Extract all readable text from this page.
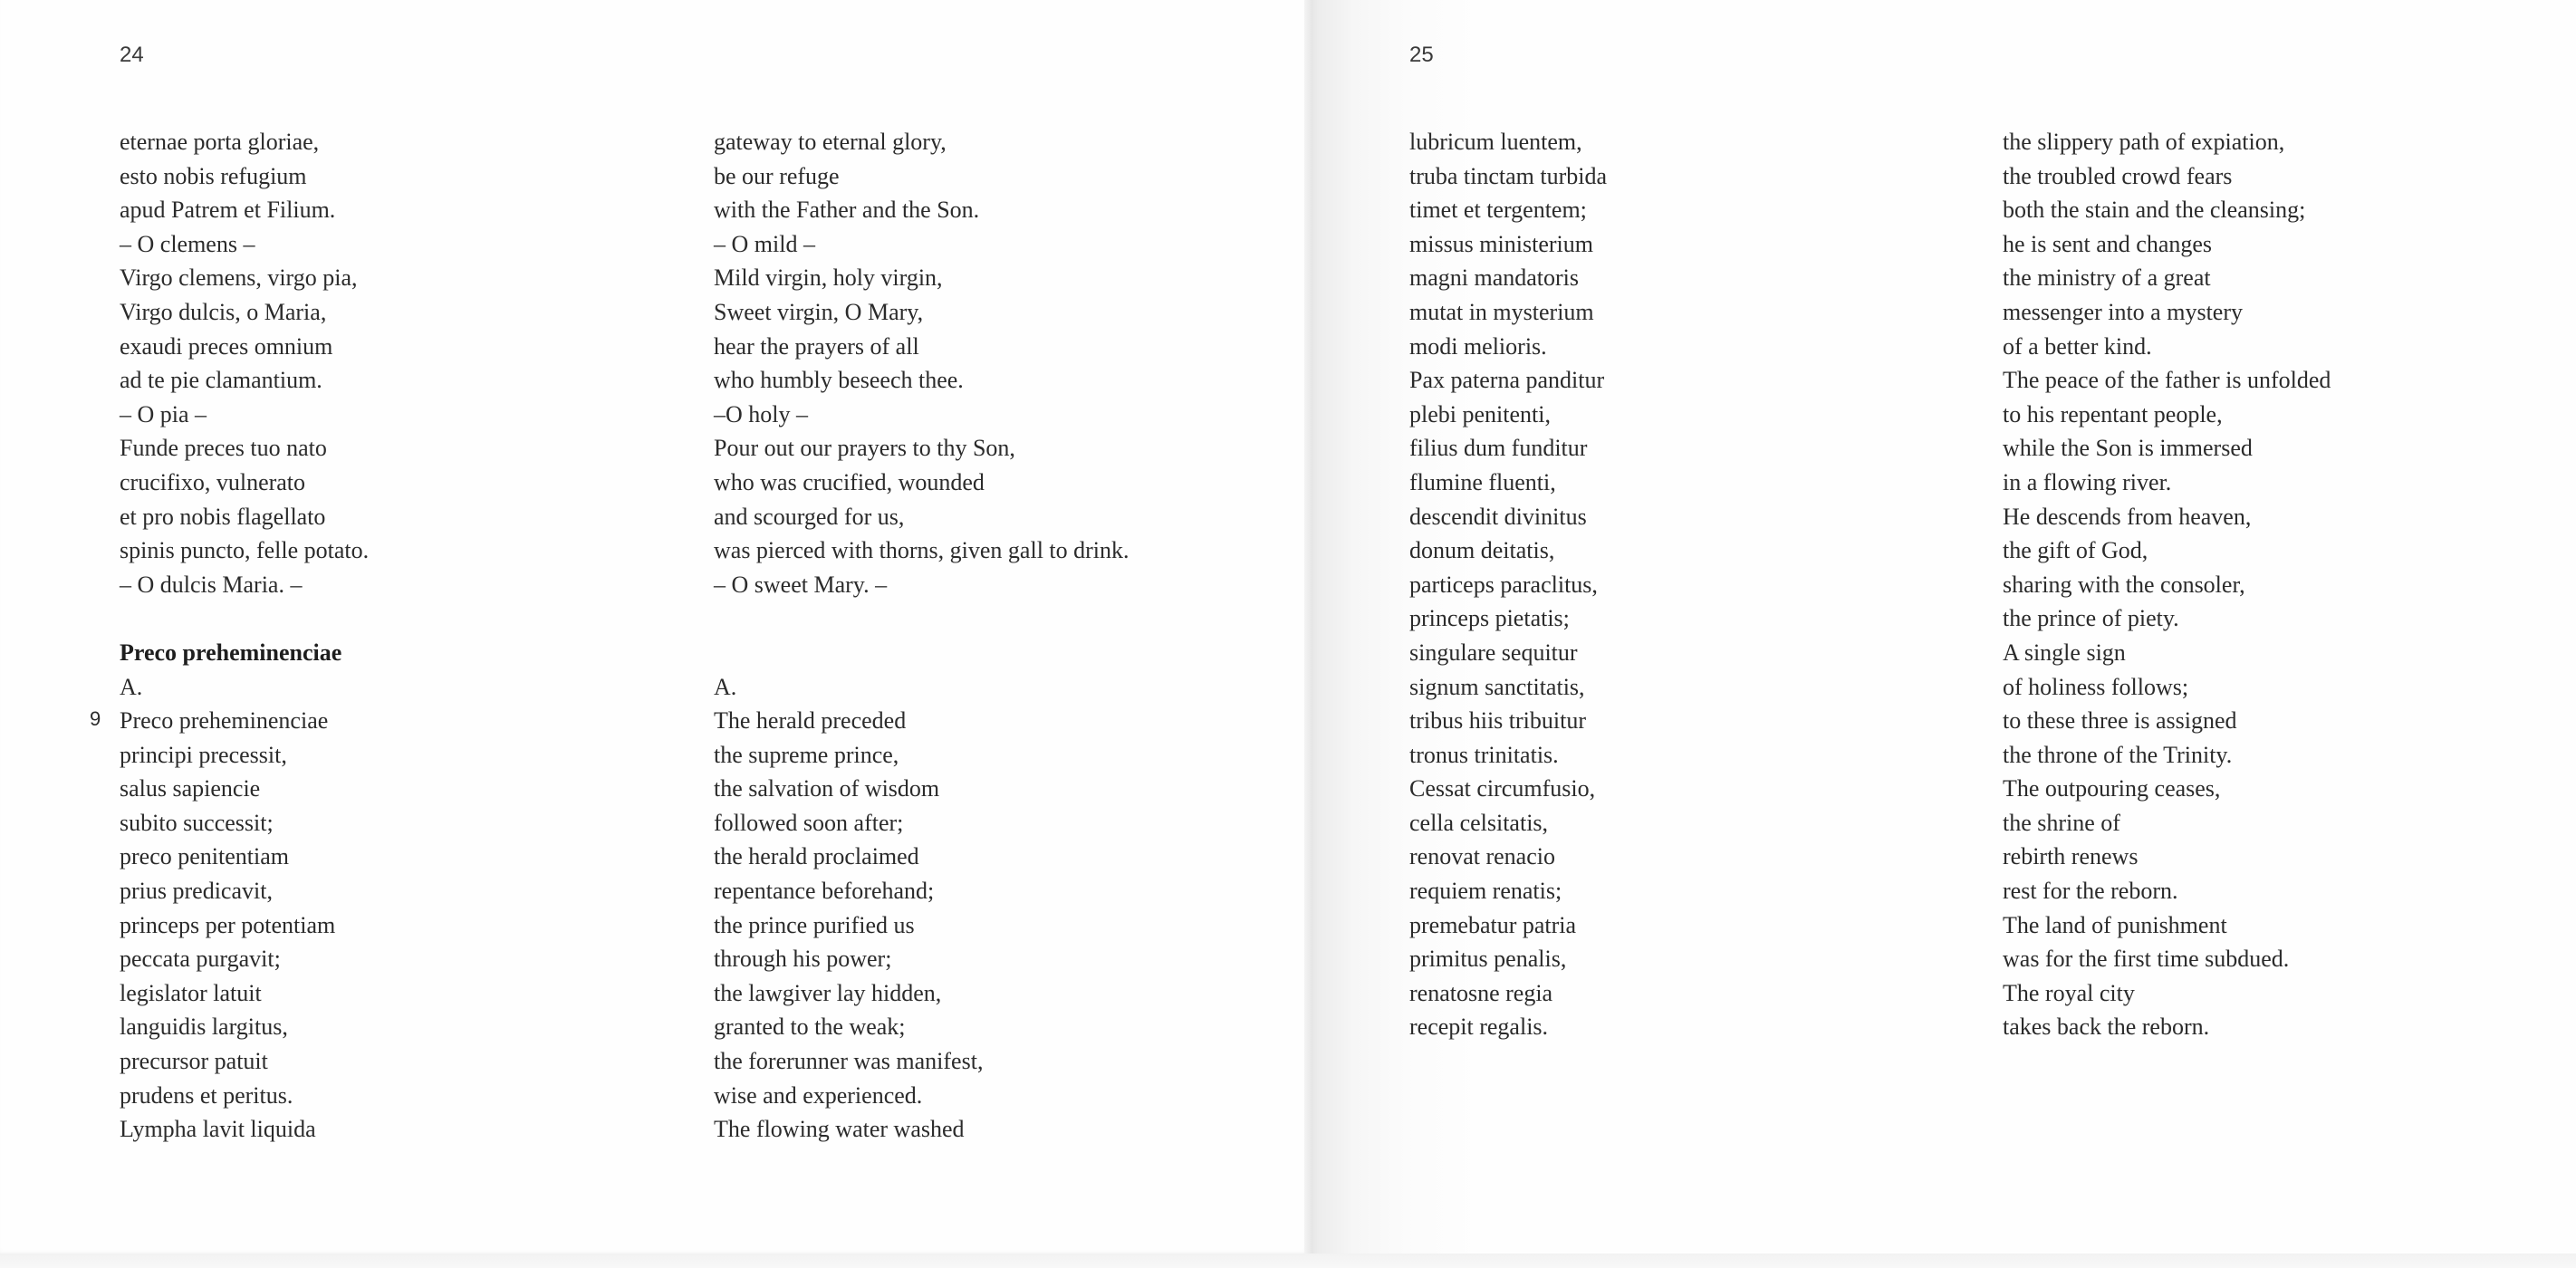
24
eternae porta gloriae,
esto nobis refugium
apud Patrem et Filium.
– O clemens –
Virgo clemens, virgo pia,
Virgo dulcis, o Maria,
exaudi preces omnium
ad te pie clamantium.
– O pia –
Funde preces tuo nato
crucifixo, vulnerato
et pro nobis flagellato
spinis puncto, felle potato.
– O dulcis Maria. –
Preco preheminenciae
A.
Preco preheminenciae
principi precessit,
salus sapiencie
subito successit;
preco penitentiam
prius predicavit,
princeps per potentiam
peccata purgavit;
legislator latuit
languidis largitus,
precursor patuit
prudens et peritus.
Lympha lavit liquida
gateway to eternal glory,
be our refuge
with the Father and the Son.
– O mild –
Mild virgin, holy virgin,
Sweet virgin, O Mary,
hear the prayers of all
who humbly beseech thee.
–O holy –
Pour out our prayers to thy Son,
who was crucified, wounded
and scourged for us,
was pierced with thorns, given gall to drink.
– O sweet Mary. –
A.
The herald preceded
the supreme prince,
the salvation of wisdom
followed soon after;
the herald proclaimed
repentance beforehand;
the prince purified us
through his power;
the lawgiver lay hidden,
granted to the weak;
the forerunner was manifest,
wise and experienced.
The flowing water washed
9
25
lubricum luentem,
truba tinctam turbida
timet et tergentem;
missus ministerium
magni mandatoris
mutat in mysterium
modi melioris.
Pax paterna panditur
plebi penitenti,
filius dum funditur
flumine fluenti,
descendit divinitus
donum deitatis,
particeps paraclitus,
princeps pietatis;
singulare sequitur
signum sanctitatis,
tribus hiis tribuitur
tronus trinitatis.
Cessat circumfusio,
cella celsitatis,
renovat renacio
requiem renatis;
premebatur patria
primitus penalis,
renatosne regia
recepit regalis.
the slippery path of expiation,
the troubled crowd fears
both the stain and the cleansing;
he is sent and changes
the ministry of a great
messenger into a mystery
of a better kind.
The peace of the father is unfolded
to his repentant people,
while the Son is immersed
in a flowing river.
He descends from heaven,
the gift of God,
sharing with the consoler,
the prince of piety.
A single sign
of holiness follows;
to these three is assigned
the throne of the Trinity.
The outpouring ceases,
the shrine of
rebirth renews
rest for the reborn.
The land of punishment
was for the first time subdued.
The royal city
takes back the reborn.
